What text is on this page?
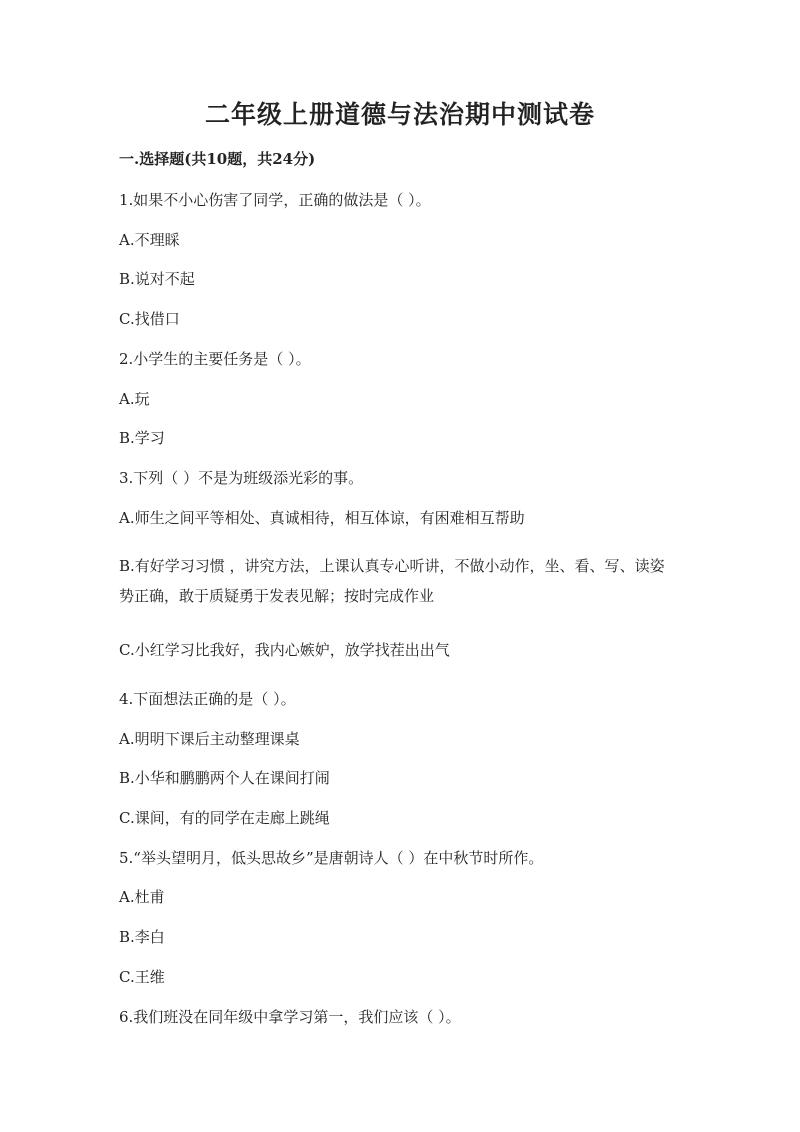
二年级上册道德与法治期中测试卷
一.选择题(共10题，共24分)
1.如果不小心伤害了同学，正确的做法是（ ）。
A.不理睬
B.说对不起
C.找借口
2.小学生的主要任务是（ ）。
A.玩
B.学习
3.下列（ ）不是为班级添光彩的事。
A.师生之间平等相处、真诚相待，相互体谅，有困难相互帮助
B.有好学习习惯 ，讲究方法，上课认真专心听讲，不做小动作，坐、看、写、读姿势正确，敢于质疑勇于发表见解；按时完成作业
C.小红学习比我好，我内心嫉妒，放学找茬出出气
4.下面想法正确的是（ ）。
A.明明下课后主动整理课桌
B.小华和鹏鹏两个人在课间打闹
C.课间，有的同学在走廊上跳绳
5.“举头望明月，低头思故乡”是唐朝诗人（ ）在中秋节时所作。
A.杜甫
B.李白
C.王维
6.我们班没在同年级中拿学习第一，我们应该（ ）。
